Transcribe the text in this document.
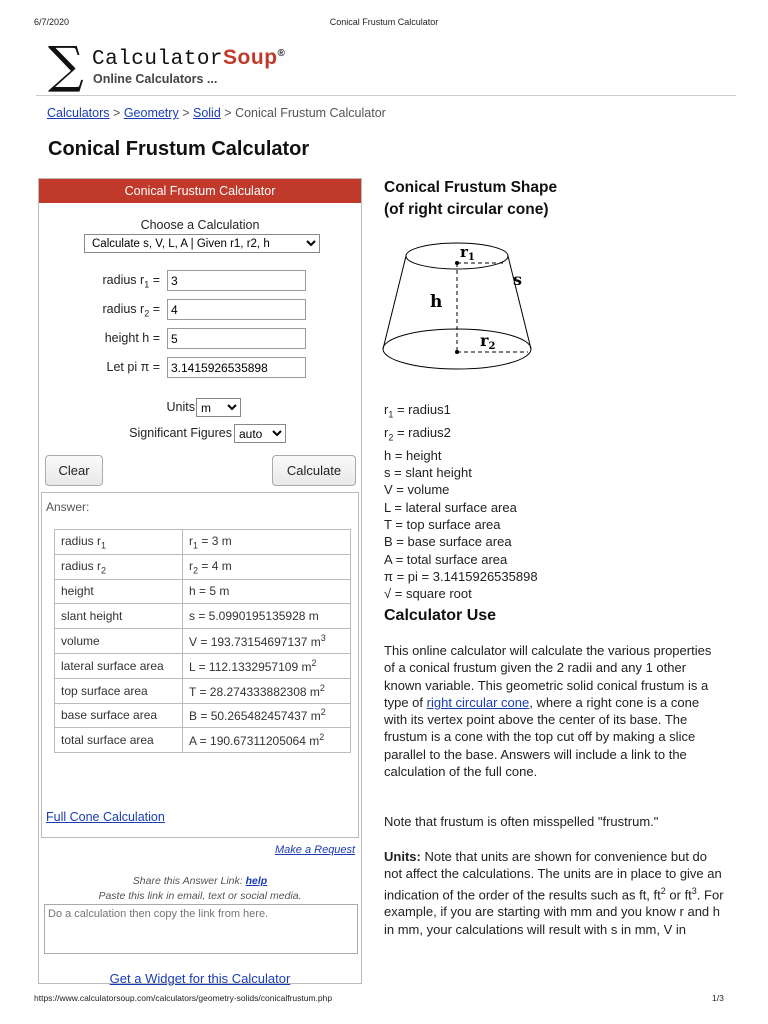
6/7/2020	Conical Frustum Calculator
∑ CalculatorSoup®
Online Calculators ...
Calculators > Geometry > Solid > Conical Frustum Calculator
Conical Frustum Calculator
Conical Frustum Calculator
Choose a Calculation
Calculate s, V, L, A | Given r1, r2, h
radius $r_1$ =
3
radius $r_2$ =
4
height h =
5
Let pi π =
3.1415926535898
Units
m
Significant Figures
auto
Clear	Calculate
Answer:
radius $r_1$	$r_1 = 3$ m
radius $r_2$	$r_2 = 4$ m
height	h = 5 m
slant height	s = 5.0990195135928 m
volume	V = 193.73154697137 $m^3$
lateral surface area	L = 112.1332957109 $m^2$
top surface area	T = 28.274333882308 $m^2$
base surface area	B = 50.265482457437 $m^2$
total surface area	A = 190.67311205064 $m^2$
Full Cone Calculation
Make a Request
Share this Answer Link: help
Paste this link in email, text or social media.
Do a calculation then copy the link from here.
Get a Widget for this Calculator
Conical Frustum Shape
(of right circular cone)
$r_1$
h
s
r2
$r_1$ = radius1
$r_2$ = radius2
h = height
s = slant height
V = volume
L = lateral surface area
T = top surface area
B = base surface area
A = total surface area
π = pi = 3.1415926535898
√ = square root
Calculator Use
This online calculator will calculate the various properties of a conical frustum given the 2 radii and any 1 other known variable. This geometric solid conical frustum is a type of right circular cone, where a right cone is a cone with its vertex point above the center of its base. The frustum is a cone with the top cut off by making a slice parallel to the base. Answers will include a link to the calculation of the full cone.
Note that frustum is often misspelled "frustrum."
Units: Note that units are shown for convenience but do not affect the calculations. The units are in place to give an indication of the order of the results such as ft, $ft^2$ or $ft^3$. For example, if you are starting with mm and you know r and h in mm, your calculations will result with s in mm, V in
https://www.calculatorsoup.com/calculators/geometry-solids/conicalfrustum.php	1/3
